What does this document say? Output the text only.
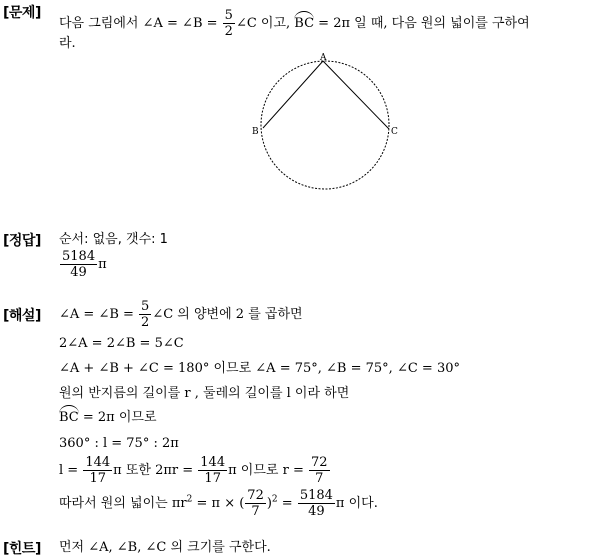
[문제]
다음 그림에서 ∠A = ∠B = $\frac{5}{2}$ ∠C 이고, BC = 2π 일 때, 다음 원의 넓이를 구하여
라.
A
B	C
[정답] 순서: 없음, 갯수: 1
$\frac{5184}{49}$ π
[해설] ∠A = ∠B = $\frac{5}{2}$ ∠C 의 양변에 2 를 곱하면
2∠A = 2∠B = 5∠C
∠A + ∠B + ∠C = 180° 이므로 ∠A = 75°, ∠B = 75°, ∠C = 30°
원의 반지름의 길이를 r , 둘레의 길이를 l 이라 하면
BC = 2π 이므로
360° : l = 75° : 2π
$l = \frac{144}{17}$ π 또한 $2\pi r = \frac{144}{17}$ π 이므로 $r = \frac{72}{7}$
따라서 원의 넓이는 $\pi r^2 = \pi$ × ( $\frac{72}{7} )^2 = \frac{5184}{49}$ π 이다.
[힌트] 먼저 ∠A, ∠B, ∠C 의 크기를 구한다.
